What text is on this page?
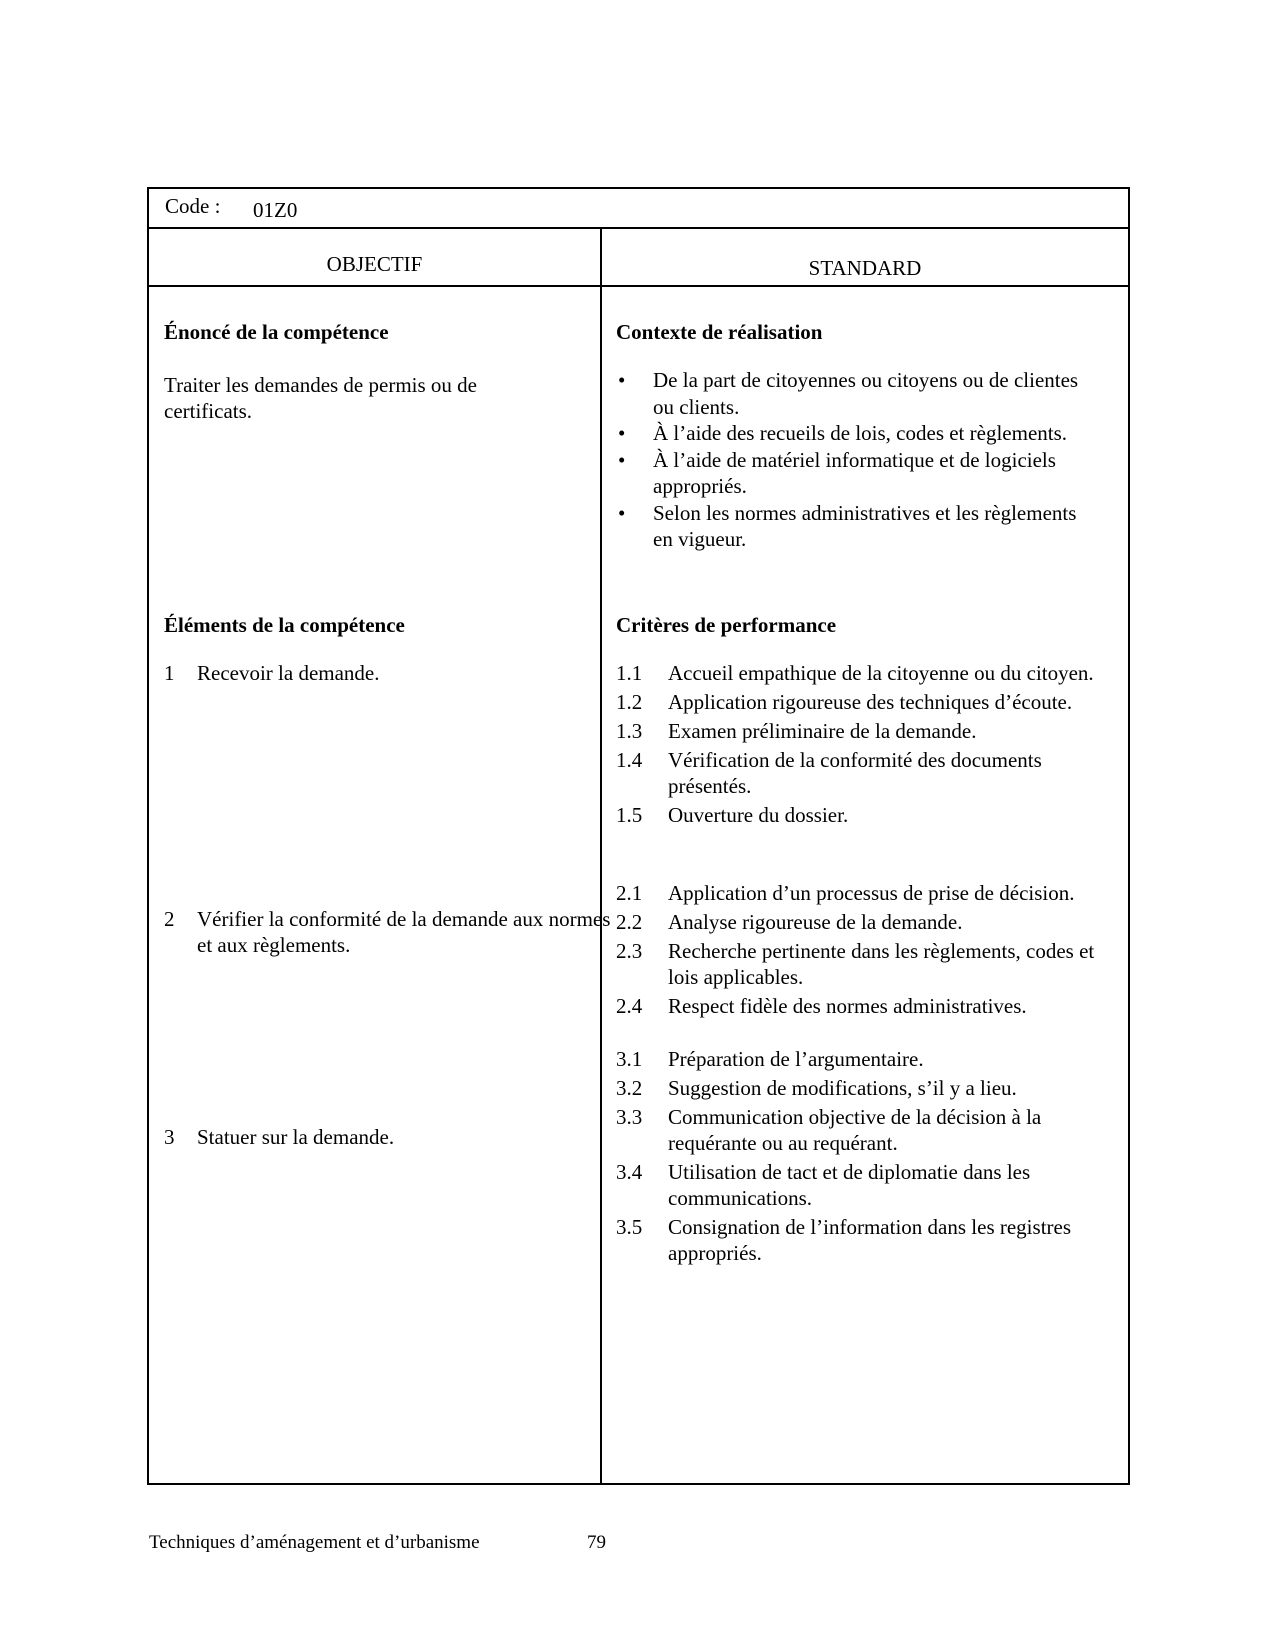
Code : 01Z0
OBJECTIF	STANDARD
Énoncé de la compétence
Traiter les demandes de permis ou de certificats.
Contexte de réalisation
• De la part de citoyennes ou citoyens ou de clientes ou clients.
• À l’aide des recueils de lois, codes et règlements.
• À l’aide de matériel informatique et de logiciels appropriés.
• Selon les normes administratives et les règlements en vigueur.
Éléments de la compétence
1 Recevoir la demande.
2 Vérifier la conformité de la demande aux normes et aux règlements.
3 Statuer sur la demande.
Critères de performance
1.1 Accueil empathique de la citoyenne ou du citoyen.
1.2 Application rigoureuse des techniques d’écoute.
1.3 Examen préliminaire de la demande.
1.4 Vérification de la conformité des documents présentés.
1.5 Ouverture du dossier.
2.1 Application d’un processus de prise de décision.
2.2 Analyse rigoureuse de la demande.
2.3 Recherche pertinente dans les règlements, codes et lois applicables.
2.4 Respect fidèle des normes administratives.
3.1 Préparation de l’argumentaire.
3.2 Suggestion de modifications, s’il y a lieu.
3.3 Communication objective de la décision à la requérante ou au requérant.
3.4 Utilisation de tact et de diplomatie dans les communications.
3.5 Consignation de l’information dans les registres appropriés.
Techniques d’aménagement et d’urbanisme	79
